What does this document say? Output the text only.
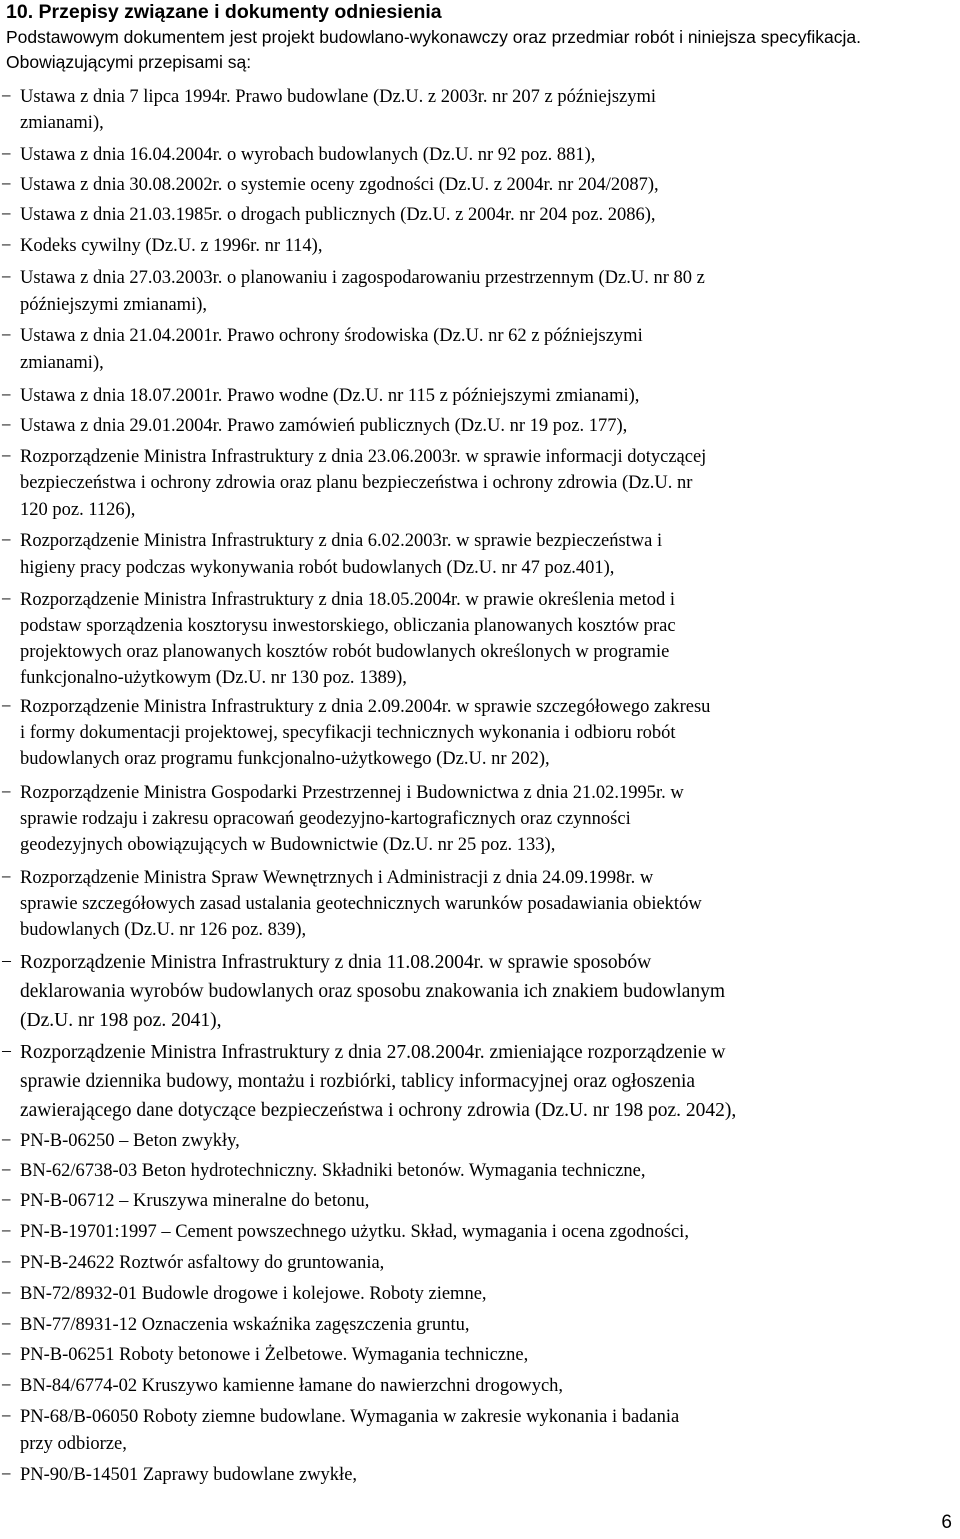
10. Przepisy związane i dokumenty odniesienia
Podstawowym dokumentem jest projekt budowlano-wykonawczy oraz przedmiar robót i niniejsza specyfikacja. Obowiązującymi przepisami są:
− Ustawa z dnia 7 lipca 1994r. Prawo budowlane (Dz.U. z 2003r. nr 207 z późniejszymi
zmianami),
− Ustawa z dnia 16.04.2004r. o wyrobach budowlanych (Dz.U. nr 92 poz. 881),
− Ustawa z dnia 30.08.2002r. o systemie oceny zgodności (Dz.U. z 2004r. nr 204/2087),
− Ustawa z dnia 21.03.1985r. o drogach publicznych (Dz.U. z 2004r. nr 204 poz. 2086),
− Kodeks cywilny (Dz.U. z 1996r. nr 114),
− Ustawa z dnia 27.03.2003r. o planowaniu i zagospodarowaniu przestrzennym (Dz.U. nr 80 z
późniejszymi zmianami),
− Ustawa z dnia 21.04.2001r. Prawo ochrony środowiska (Dz.U. nr 62 z późniejszymi
zmianami),
− Ustawa z dnia 18.07.2001r. Prawo wodne (Dz.U. nr 115 z późniejszymi zmianami),
− Ustawa z dnia 29.01.2004r. Prawo zamówień publicznych (Dz.U. nr 19 poz. 177),
− Rozporządzenie Ministra Infrastruktury z dnia 23.06.2003r. w sprawie informacji dotyczącej
bezpieczeństwa i ochrony zdrowia oraz planu bezpieczeństwa i ochrony zdrowia (Dz.U. nr
120 poz. 1126),
− Rozporządzenie Ministra Infrastruktury z dnia 6.02.2003r. w sprawie bezpieczeństwa i
higieny pracy podczas wykonywania robót budowlanych (Dz.U. nr 47 poz.401),
− Rozporządzenie Ministra Infrastruktury z dnia 18.05.2004r. w prawie określenia metod i
podstaw sporządzenia kosztorysu inwestorskiego, obliczania planowanych kosztów prac
projektowych oraz planowanych kosztów robót budowlanych określonych w programie
funkcjonalno-użytkowym (Dz.U. nr 130 poz. 1389),
− Rozporządzenie Ministra Infrastruktury z dnia 2.09.2004r. w sprawie szczegółowego zakresu
i formy dokumentacji projektowej, specyfikacji technicznych wykonania i odbioru robót
budowlanych oraz programu funkcjonalno-użytkowego (Dz.U. nr 202),
− Rozporządzenie Ministra Gospodarki Przestrzennej i Budownictwa z dnia 21.02.1995r. w
sprawie rodzaju i zakresu opracowań geodezyjno-kartograficznych oraz czynności
geodezyjnych obowiązujących w Budownictwie (Dz.U. nr 25 poz. 133),
− Rozporządzenie Ministra Spraw Wewnętrznych i Administracji z dnia 24.09.1998r. w
sprawie szczegółowych zasad ustalania geotechnicznych warunków posadawiania obiektów
budowlanych (Dz.U. nr 126 poz. 839),
− Rozporządzenie Ministra Infrastruktury z dnia 11.08.2004r. w sprawie sposobów
deklarowania wyrobów budowlanych oraz sposobu znakowania ich znakiem budowlanym
(Dz.U. nr 198 poz. 2041),
− Rozporządzenie Ministra Infrastruktury z dnia 27.08.2004r. zmieniające rozporządzenie w
sprawie dziennika budowy, montażu i rozbiórki, tablicy informacyjnej oraz ogłoszenia
zawierającego dane dotyczące bezpieczeństwa i ochrony zdrowia (Dz.U. nr 198 poz. 2042),
− PN-B-06250 – Beton zwykły,
− BN-62/6738-03 Beton hydrotechniczny. Składniki betonów. Wymagania techniczne,
− PN-B-06712 – Kruszywa mineralne do betonu,
− PN-B-19701:1997 – Cement powszechnego użytku. Skład, wymagania i ocena zgodności,
− PN-B-24622 Roztwór asfaltowy do gruntowania,
− BN-72/8932-01 Budowle drogowe i kolejowe. Roboty ziemne,
− BN-77/8931-12 Oznaczenia wskaźnika zagęszczenia gruntu,
− PN-B-06251 Roboty betonowe i Żelbetowe. Wymagania techniczne,
− BN-84/6774-02 Kruszywo kamienne łamane do nawierzchni drogowych,
− PN-68/B-06050 Roboty ziemne budowlane. Wymagania w zakresie wykonania i badania
przy odbiorze,
− PN-90/B-14501 Zaprawy budowlane zwykłe,
6
